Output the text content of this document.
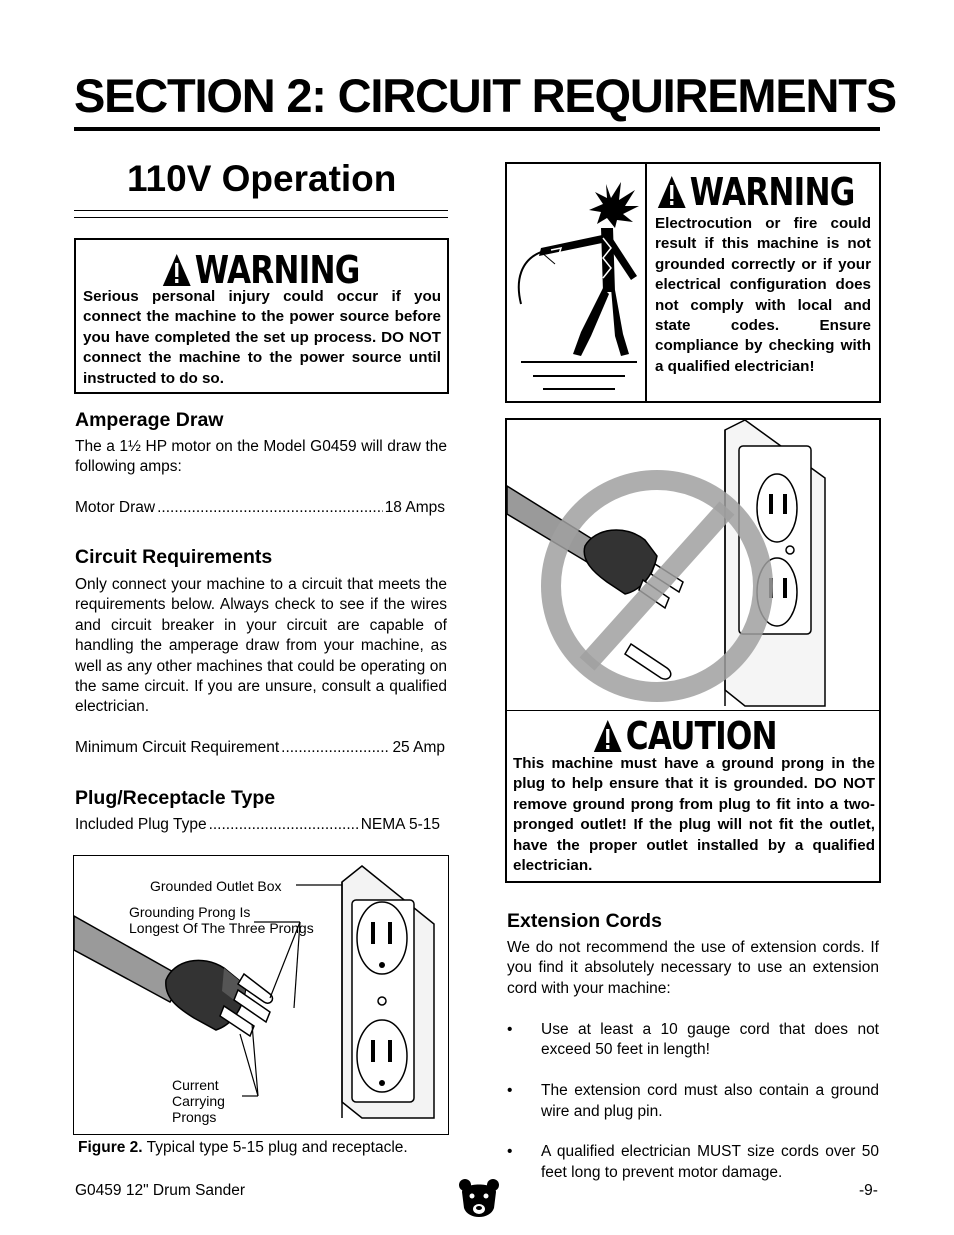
SECTION 2: CIRCUIT REQUIREMENTS
110V Operation
WARNING
Serious personal injury could occur if you connect the machine to the power source before you have completed the set up process. DO NOT connect the machine to the power source until instructed to do so.
Amperage Draw
The a 1½ HP motor on the Model G0459 will draw the following amps:
Motor Draw .....	18 Amps
Circuit Requirements
Only connect your machine to a circuit that meets the requirements below. Always check to see if the wires and circuit breaker in your circuit are capable of handling the amperage draw from your machine, as well as any other machines that could be operating on the same circuit. If you are unsure, consult a qualified electrician.
Minimum Circuit Requirement .....	25 Amp
Plug/Receptacle Type
Included Plug Type .....	NEMA 5-15
Grounded Outlet Box
Grounding Prong Is
Longest Of The Three Prongs
Current
Carrying
Prongs
Figure 2. Typical type 5-15 plug and receptacle.
WARNING
Electrocution or fire could result if this machine is not grounded correctly or if your electrical configuration does not comply with local and state codes. Ensure compliance by checking with a qualified electrician!
CAUTION
This machine must have a ground prong in the plug to help ensure that it is grounded. DO NOT remove ground prong from plug to fit into a two-pronged outlet! If the plug will not fit the outlet, have the proper outlet installed by a qualified electrician.
Extension Cords
We do not recommend the use of extension cords. If you find it absolutely necessary to use an extension cord with your machine:
• Use at least a 10 gauge cord that does not exceed 50 feet in length!
• The extension cord must also contain a ground wire and plug pin.
• A qualified electrician MUST size cords over 50 feet long to prevent motor damage.
G0459 12" Drum Sander	-9-
